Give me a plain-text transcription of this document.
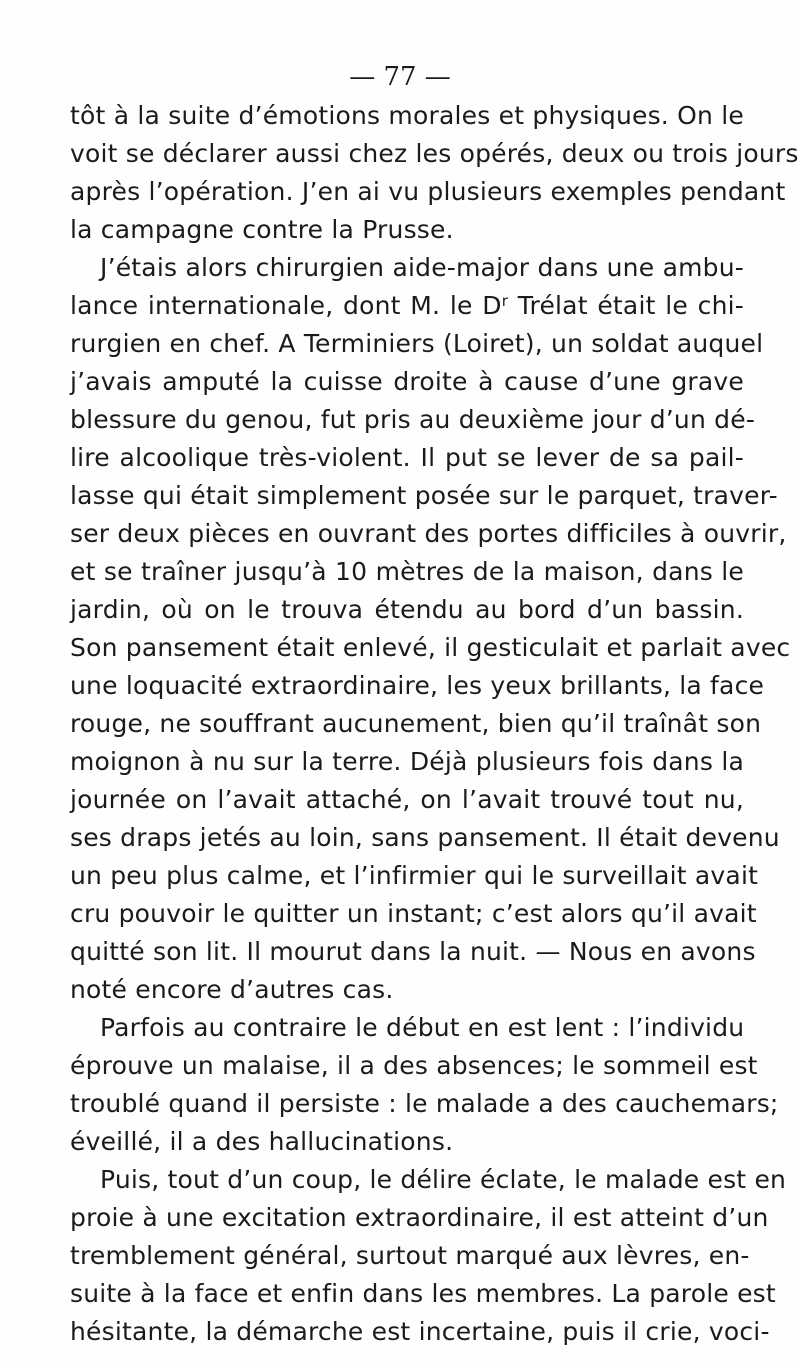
— 77 —
tôt à la suite d’émotions morales et physiques. On le
voit se déclarer aussi chez les opérés, deux ou trois jours
après l’opération. J’en ai vu plusieurs exemples pendant
la campagne contre la Prusse.
J’étais alors chirurgien aide-major dans une ambu-
lance internationale, dont M. le $D^r$ Trélat était le chi-
rurgien en chef. A Terminiers (Loiret), un soldat auquel
j’avais amputé la cuisse droite à cause d’une grave
blessure du genou, fut pris au deuxième jour d’un dé-
lire alcoolique très-violent. Il put se lever de sa pail-
lasse qui était simplement posée sur le parquet, traver-
ser deux pièces en ouvrant des portes difficiles à ouvrir,
et se traîner jusqu’à 10 mètres de la maison, dans le
jardin, où on le trouva étendu au bord d’un bassin.
Son pansement était enlevé, il gesticulait et parlait avec
une loquacité extraordinaire, les yeux brillants, la face
rouge, ne souffrant aucunement, bien qu’il traînât son
moignon à nu sur la terre. Déjà plusieurs fois dans la
journée on l’avait attaché, on l’avait trouvé tout nu,
ses draps jetés au loin, sans pansement. Il était devenu
un peu plus calme, et l’infirmier qui le surveillait avait
cru pouvoir le quitter un instant; c’est alors qu’il avait
quitté son lit. Il mourut dans la nuit. — Nous en avons
noté encore d’autres cas.
Parfois au contraire le début en est lent : l’individu
éprouve un malaise, il a des absences; le sommeil est
troublé quand il persiste : le malade a des cauchemars;
éveillé, il a des hallucinations.
Puis, tout d’un coup, le délire éclate, le malade est en
proie à une excitation extraordinaire, il est atteint d’un
tremblement général, surtout marqué aux lèvres, en-
suite à la face et enfin dans les membres. La parole est
hésitante, la démarche est incertaine, puis il crie, voci-
